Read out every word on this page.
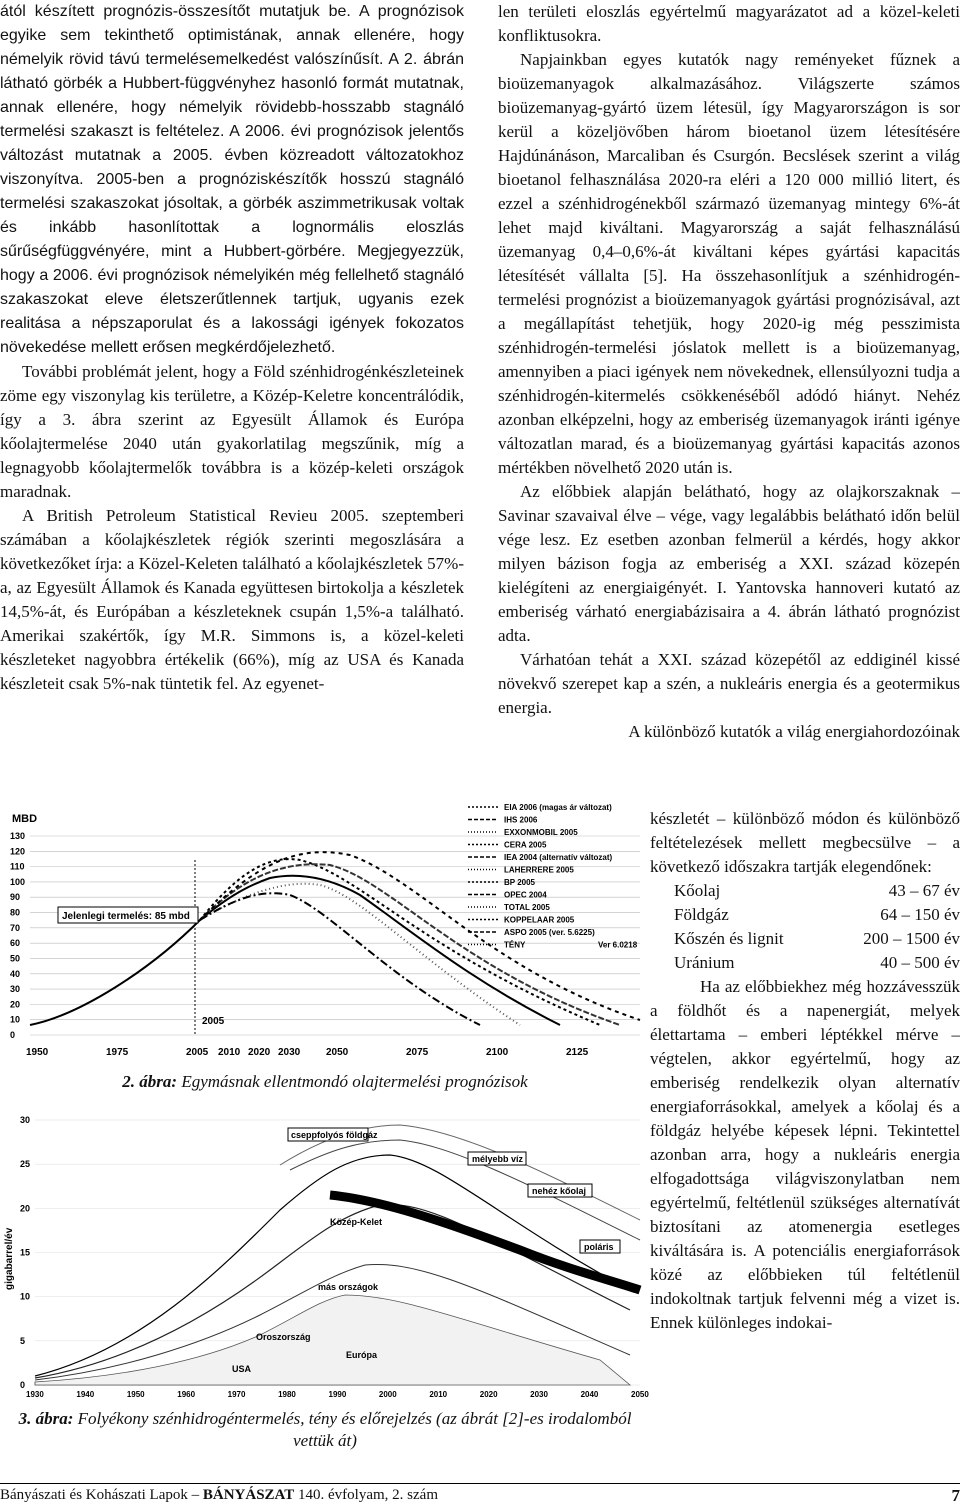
ától készített prognózis-összesítőt mutatjuk be. A prognózisok egyike sem tekinthető optimistának, annak ellenére, hogy némelyik rövid távú termelésemelkedést valószínűsít. A 2. ábrán látható görbék a Hubbert-függvényhez hasonló formát mutatnak, annak ellenére, hogy némelyik rövidebb-hosszabb stagnáló termelési szakaszt is feltételez. A 2006. évi prognózisok jelentős változást mutatnak a 2005. évben közreadott változatokhoz viszonyítva. 2005-ben a prognóziskészítők hosszú stagnáló termelési szakaszokat jósoltak, a görbék aszimmetrikusak voltak és inkább hasonlítottak a lognormális eloszlás sűrűségfüggvényére, mint a Hubbert-görbére. Megjegyezzük, hogy a 2006. évi prognózisok némelyikén még fellelhető stagnáló szakaszokat eleve életszerűtlennek tartjuk, ugyanis ezek realitása a népszaporulat és a lakossági igények fokozatos növekedése mellett erősen megkérdőjelezhető.

További problémát jelent, hogy a Föld szénhidrogénkészleteinek zöme egy viszonylag kis területre, a Közép-Keletre koncentrálódik, így a 3. ábra szerint az Egyesült Államok és Európa kőolajtermelése 2040 után gyakorlatilag megszűnik, míg a legnagyobb kőolajtermelők továbbra is a közép-keleti országok maradnak.

A British Petroleum Statistical Revieu 2005. szeptemberi számában a kőolajkészletek régiók szerinti megoszlására a következőket írja: a Közel-Keleten található a kőolajkészletek 57%-a, az Egyesült Államok és Kanada együttesen birtokolja a készletek 14,5%-át, és Európában a készleteknek csupán 1,5%-a található. Amerikai szakértők, így M.R. Simmons is, a közel-keleti készleteket nagyobbra értékelik (66%), míg az USA és Kanada készleteit csak 5%-nak tüntetik fel. Az egyenet-

len területi eloszlás egyértelmű magyarázatot ad a közel-keleti konfliktusokra.

Napjainkban egyes kutatók nagy reményeket fűznek a bioüzemanyagok alkalmazásához. Világszerte számos bioüzemanyag-gyártó üzem létesül, így Magyarországon is sor kerül a közeljövőben három bioetanol üzem létesítésére Hajdúnánáson, Marcaliban és Csurgón. Becslések szerint a világ bioetanol felhasználása 2020-ra eléri a 120 000 millió litert, és ezzel a szénhidrogénekből származó üzemanyag mintegy 6%-át lehet majd kiváltani. Magyarország a saját felhasználású üzemanyag 0,4–0,6%-át kiváltani képes gyártási kapacitás létesítését vállalta [5]. Ha összehasonlítjuk a szénhidrogén-termelési prognózist a bioüzemanyagok gyártási prognózisával, azt a megállapítást tehetjük, hogy 2020-ig még pesszimista szénhidrogén-termelési jóslatok mellett is a bioüzemanyag, amennyiben a piaci igények nem növekednek, ellensúlyozni tudja a szénhidrogén-kitermelés csökkenéséből adódó hiányt. Nehéz azonban elképzelni, hogy az emberiség üzemanyagok iránti igénye változatlan marad, és a bioüzemanyag gyártási kapacitás azonos mértékben növelhető 2020 után is.

Az előbbiek alapján belátható, hogy az olajkorszaknak – Savinar szavaival élve – vége, vagy legalábbis belátható időn belül vége lesz. Ez esetben azonban felmerül a kérdés, hogy akkor milyen bázison fogja az emberiség a XXI. század közepén kielégíteni az energiaigényét. I. Yantovska hannoveri kutató az emberiség várható energiabázisaira a 4. ábrán látható prognózist adta.

Várhatóan tehát a XXI. század közepétől az eddiginél kissé növekvő szerepet kap a szén, a nukleáris energia és a geotermikus energia.

A különböző kutatók a világ energiahordozóinak

MBD
130
120
110
100
90
80
70
60
50
40
30
20
10
0
1950	1975	2005 2010 2020 2030	2050	2075	2100	2125
Jelenlegi termelés: 85 mbd
2005
EIA 2006 (magas ár változat)
IHS 2006
EXXONMOBIL 2005
CERA 2005
IEA 2004 (alternatív változat)
LAHERRERE 2005
BP 2005
OPEC 2004
TOTAL 2005
KOPPELAAR 2005
ASPO 2005 (ver. 5.6225)
TÉNY	Ver 6.0218
2. ábra: Egymásnak ellentmondó olajtermelési prognózisok
gigabarrel/év
30
25
20
15
10
5
0
1930	1940	1950	1960	1970	1980	1990	2000	2010	2020	2030	2040	2050
cseppfolyós földgáz
mélyebb víz
nehéz kőolaj
poláris
Közép-Kelet
más országok
Oroszország
Európa
USA
3. ábra: Folyékony szénhidrogéntermelés, tény és előrejelzés (az ábrát [2]-es irodalomból vettük át)

készletét – különböző módon és különböző feltételezések mellett megbecsülve – a következő időszakra tartják elegendőnek:

Kőolaj	43 – 67 év
Földgáz	64 – 150 év
Kőszén és lignit	200 – 1500 év
Uránium	40 – 500 év

Ha az előbbiekhez még hozzávesszük a földhőt és a napenergiát, melyek élettartama – emberi léptékkel mérve – végtelen, akkor egyértelmű, hogy az emberiség rendelkezik olyan alternatív energiaforrásokkal, amelyek a kőolaj és a földgáz helyébe képesek lépni. Tekintettel azonban arra, hogy a nukleáris energia elfogadottsága világviszonylatban nem egyértelmű, feltétlenül szükséges alternatívát biztosítani az atomenergia esetleges kiváltására is. A potenciális energiaforrások közé az előbbieken túl feltétlenül indokoltnak tartjuk felvenni még a vizet is. Ennek különleges indokai-

Bányászati és Kohászati Lapok – BÁNYÁSZAT 140. évfolyam, 2. szám	7
